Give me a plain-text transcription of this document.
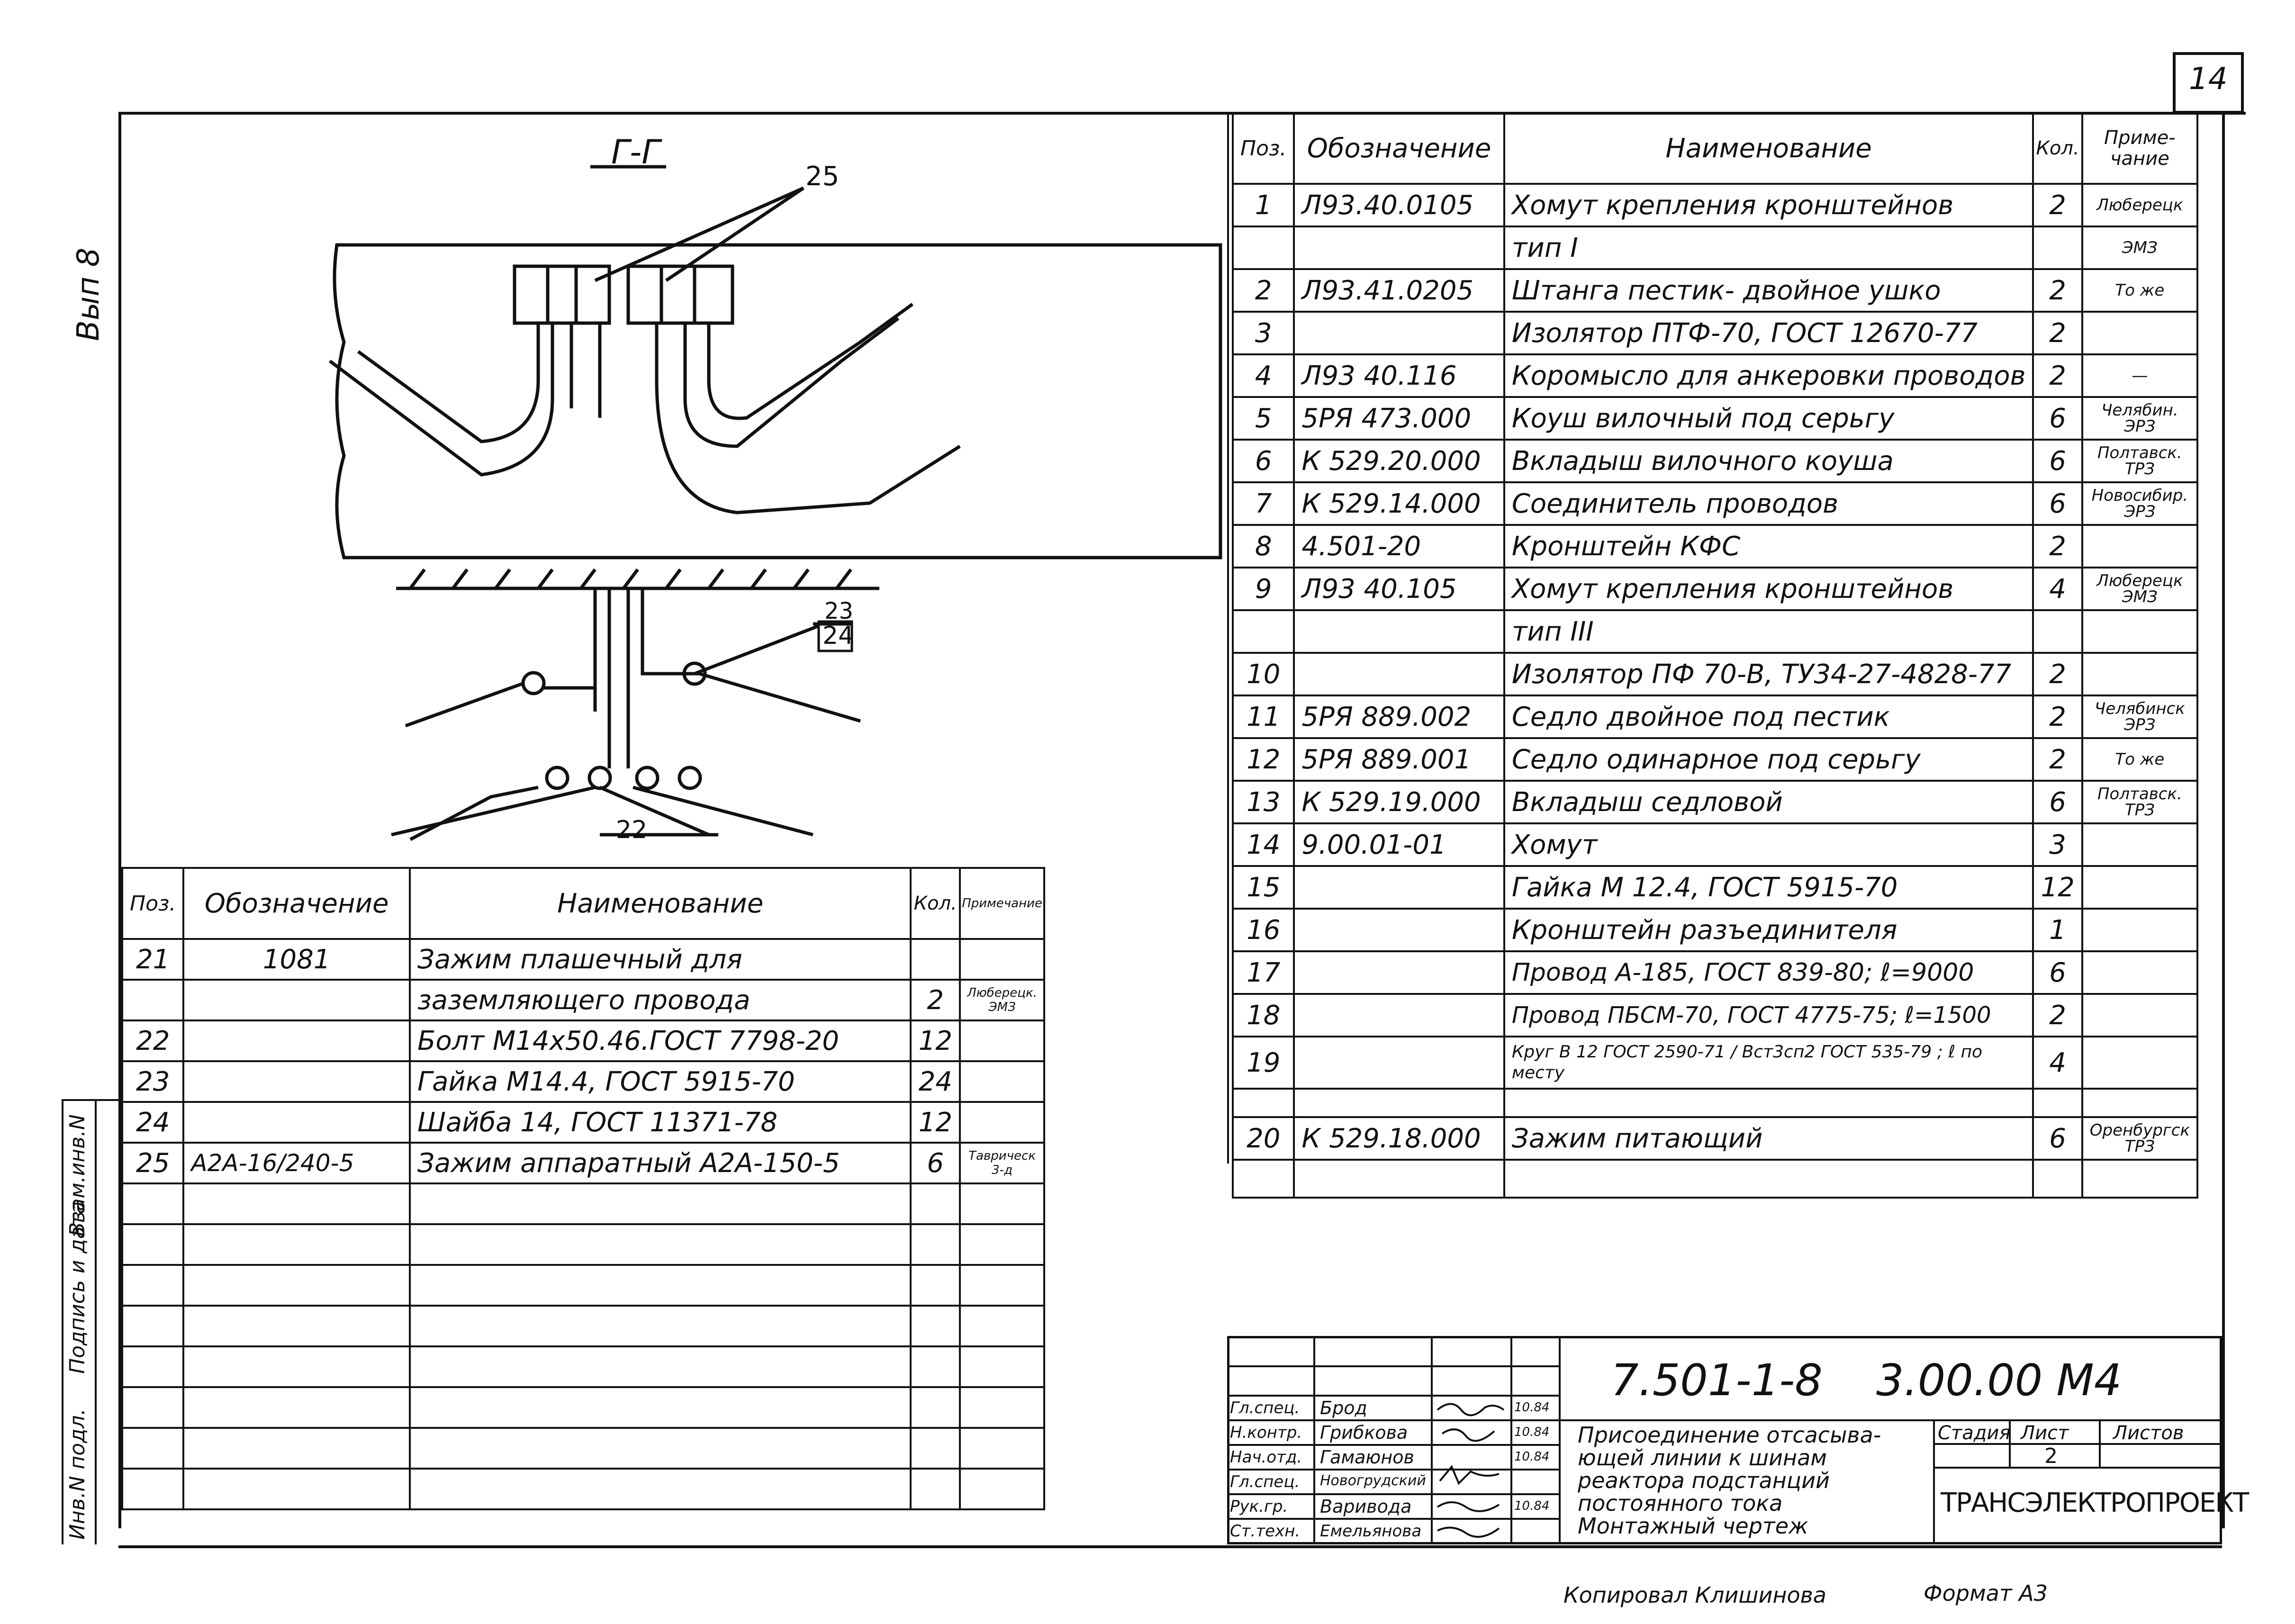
14
Вып 8
Инв.N подл.
Подпись и дата
Взам.инв.N
Г-Г
25
23
24
22
Поз.	Обозначение	Наименование	Кол.	Приме-чание
1	Л93.40.0105	Хомут крепления кронштейнов	2	Люберецк
		тип I		ЭМЗ
2	Л93.41.0205	Штанга пестик- двойное ушко	2	То же
3		Изолятор ПТФ-70, ГОСТ 12670-77	2	
4	Л93 40.116	Коромысло для анкеровки проводов	2	—
5	5РЯ 473.000	Коуш вилочный под серьгу	6	Челябин. ЭРЗ
6	К 529.20.000	Вкладыш вилочного коуша	6	Полтавск. ТРЗ
7	К 529.14.000	Соединитель проводов	6	Новосибир. ЭРЗ
8	4.501-20	Кронштейн КФС	2	
9	Л93 40.105	Хомут крепления кронштейнов	4	Люберецк ЭМЗ
		тип III		
10		Изолятор ПФ 70-В, ТУ34-27-4828-77	2	
11	5РЯ 889.002	Седло двойное под пестик	2	Челябинск ЭРЗ
12	5РЯ 889.001	Седло одинарное под серьгу	2	То же
13	К 529.19.000	Вкладыш седловой	6	Полтавск. ТРЗ
14	9.00.01-01	Хомут	3	
15		Гайка М 12.4, ГОСТ 5915-70	12	
16		Кронштейн разъединителя	1	
17		Провод А-185, ГОСТ 839-80; ℓ=9000	6	
18		Провод ПБСМ-70, ГОСТ 4775-75; ℓ=1500	2	
19		Круг В 12 ГОСТ 2590-71 / Вст3сп2 ГОСТ 535-79 ; ℓ по месту	4	

20	К 529.18.000	Зажим питающий	6	Оренбургск ТРЗ

Поз.	Обозначение	Наименование	Кол.	Примечание
21	1081	Зажим плашечный для		
		заземляющего провода	2	Люберецк. ЭМЗ
22		Болт М14х50.46.ГОСТ 7798-20	12	
23		Гайка М14.4, ГОСТ 5915-70	24	
24		Шайба 14, ГОСТ 11371-78	12	
25	А2А-16/240-5	Зажим аппаратный А2А-150-5	6	Таврическ 3-д

7.501-1-8 3.00.00 М4
Присоединение отсасыва-
ющей линии к шинам
реактора подстанций
постоянного тока
Монтажный чертеж
Стадия Лист Листов
2
ТРАНСЭЛЕКТРОПРОЕКТ
Гл.спец. Брод	10.84
Н.контр. Грибкова	10.84
Нач.отд. Гамаюнов	10.84
Гл.спец. Новогрудский
Рук.гр. Варивода	10.84
Ст.техн. Емельянова
Копировал Клишинова	Формат А3
